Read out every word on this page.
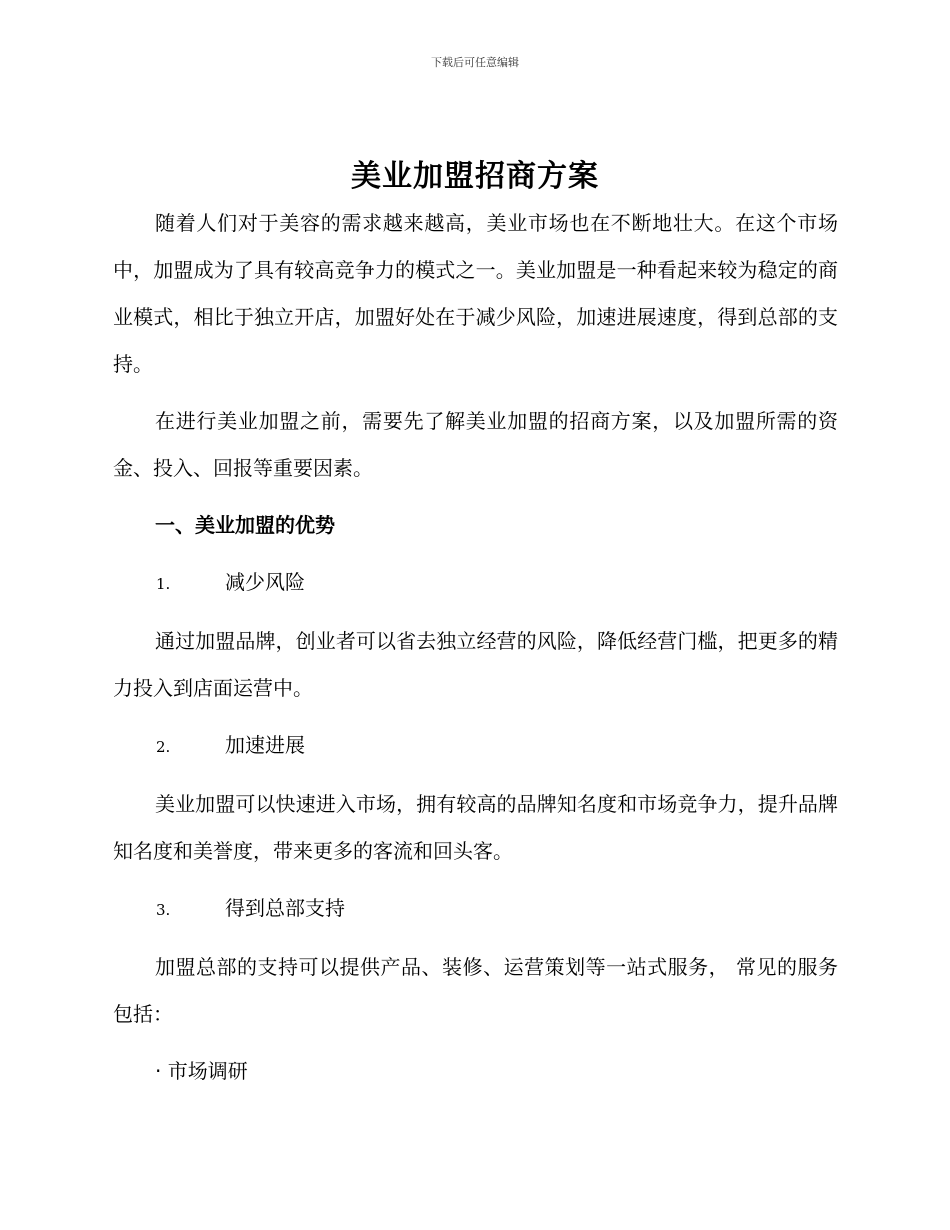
下载后可任意编辑
美业加盟招商方案

随着人们对于美容的需求越来越高，美业市场也在不断地壮大。在这个市场中，加盟成为了具有较高竞争力的模式之一。美业加盟是一种看起来较为稳定的商业模式，相比于独立开店，加盟好处在于减少风险，加速进展速度，得到总部的支持。

在进行美业加盟之前，需要先了解美业加盟的招商方案，以及加盟所需的资金、投入、回报等重要因素。

一、美业加盟的优势
1.	减少风险

通过加盟品牌，创业者可以省去独立经营的风险，降低经营门槛，把更多的精力投入到店面运营中。

2.	加速进展

美业加盟可以快速进入市场，拥有较高的品牌知名度和市场竞争力，提升品牌知名度和美誉度，带来更多的客流和回头客。

3.	得到总部支持

加盟总部的支持可以提供产品、装修、运营策划等一站式服务， 常见的服务包括：

· 市场调研
